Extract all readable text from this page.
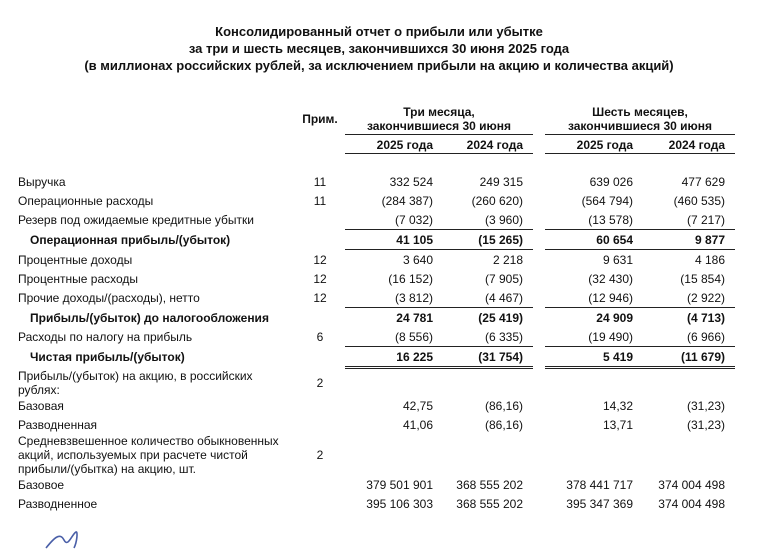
Консолидированный отчет о прибыли или убытке
за три и шесть месяцев, закончившихся 30 июня 2025 года
(в миллионах российских рублей, за исключением прибыли на акцию и количества акций)
Прим.	Три месяца,
закончившиеся 30 июня
Шесть месяцев,
закончившиеся 30 июня
2025 года	2024 года	2025 года	2024 года
Выручка	11	332 524	249 315	639 026	477 629
Операционные расходы	11	(284 387)	(260 620)	(564 794)	(460 535)
Резерв под ожидаемые кредитные убытки	(7 032)	(3 960)	(13 578)	(7 217)
Операционная прибыль/(убыток)	41 105	(15 265)	60 654	9 877
Процентные доходы	12	3 640	2 218	9 631	4 186
Процентные расходы	12	(16 152)	(7 905)	(32 430)	(15 854)
Прочие доходы/(расходы), нетто	12	(3 812)	(4 467)	(12 946)	(2 922)
Прибыль/(убыток) до налогообложения	24 781	(25 419)	24 909	(4 713)
Расходы по налогу на прибыль	6	(8 556)	(6 335)	(19 490)	(6 966)
Чистая прибыль/(убыток)	16 225	(31 754)	5 419	(11 679)
Прибыль/(убыток) на акцию, в российских
рублях:	2
Базовая	42,75	(86,16)	14,32	(31,23)
Разводненная	41,06	(86,16)	13,71	(31,23)
Средневзвешенное количество обыкновенных
акций, используемых при расчете чистой
прибыли/(убытка) на акцию, шт.
2
Базовое	379 501 901	368 555 202	378 441 717	374 004 498
Разводненное	395 106 303	368 555 202	395 347 369	374 004 498
